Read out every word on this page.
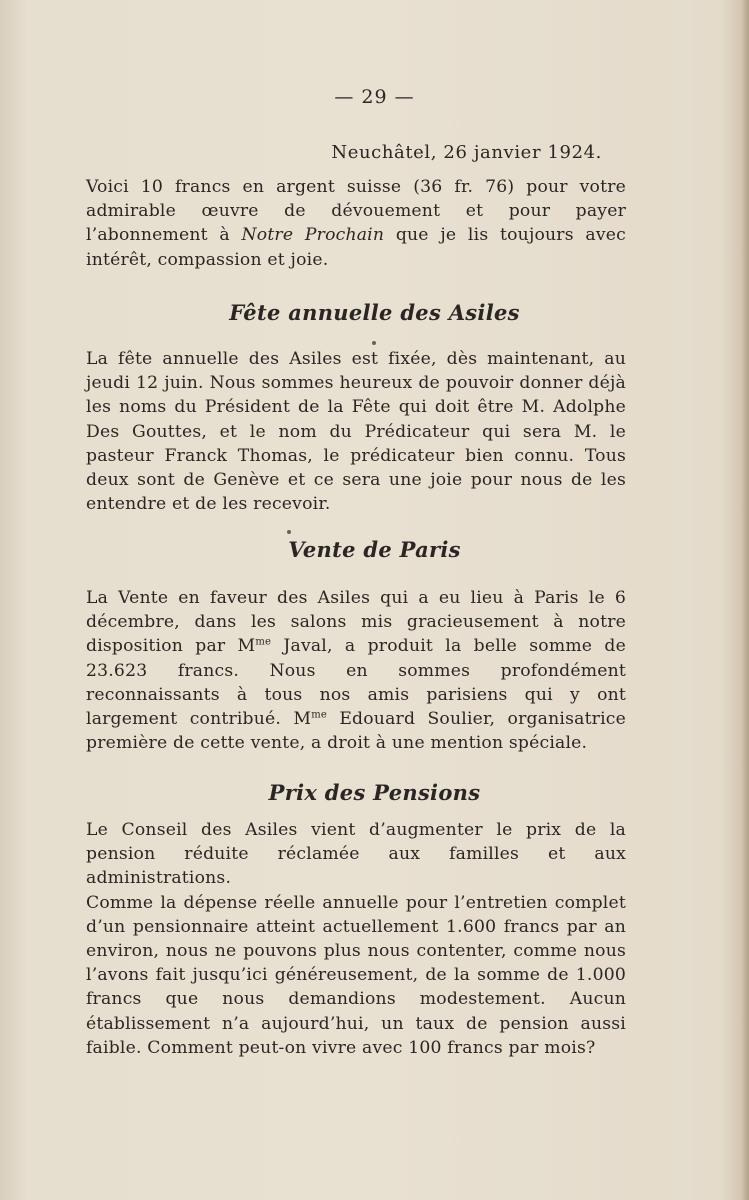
— 29 —
Neuchâtel, 26 janvier 1924.
Voici 10 francs en argent suisse (36 fr. 76) pour votre admirable œuvre de dévouement et pour payer l’abonnement à Notre Prochain que je lis toujours avec intérêt, compassion et joie.
Fête annuelle des Asiles
La fête annuelle des Asiles est fixée, dès maintenant, au jeudi 12 juin. Nous sommes heureux de pouvoir donner déjà les noms du Président de la Fête qui doit être M. Adolphe Des Gouttes, et le nom du Prédicateur qui sera M. le pasteur Franck Thomas, le prédicateur bien connu. Tous deux sont de Genève et ce sera une joie pour nous de les entendre et de les recevoir.
Vente de Paris
La Vente en faveur des Asiles qui a eu lieu à Paris le 6 décembre, dans les salons mis gracieusement à notre disposition par $M^{me}$ Javal, a produit la belle somme de 23.623 francs. Nous en sommes profondément reconnaissants à tous nos amis parisiens qui y ont largement contribué. $M^{me}$ Edouard Soulier, organisatrice première de cette vente, a droit à une mention spéciale.
Prix des Pensions

Le Conseil des Asiles vient d’augmenter le prix de la pension réduite réclamée aux familles et aux administrations.

Comme la dépense réelle annuelle pour l’entretien complet d’un pensionnaire atteint actuellement 1.600 francs par an environ, nous ne pouvons plus nous contenter, comme nous l’avons fait jusqu’ici généreusement, de la somme de 1.000 francs que nous demandions modestement. Aucun établissement n’a aujourd’hui, un taux de pension aussi faible. Comment peut-on vivre avec 100 francs par mois?
